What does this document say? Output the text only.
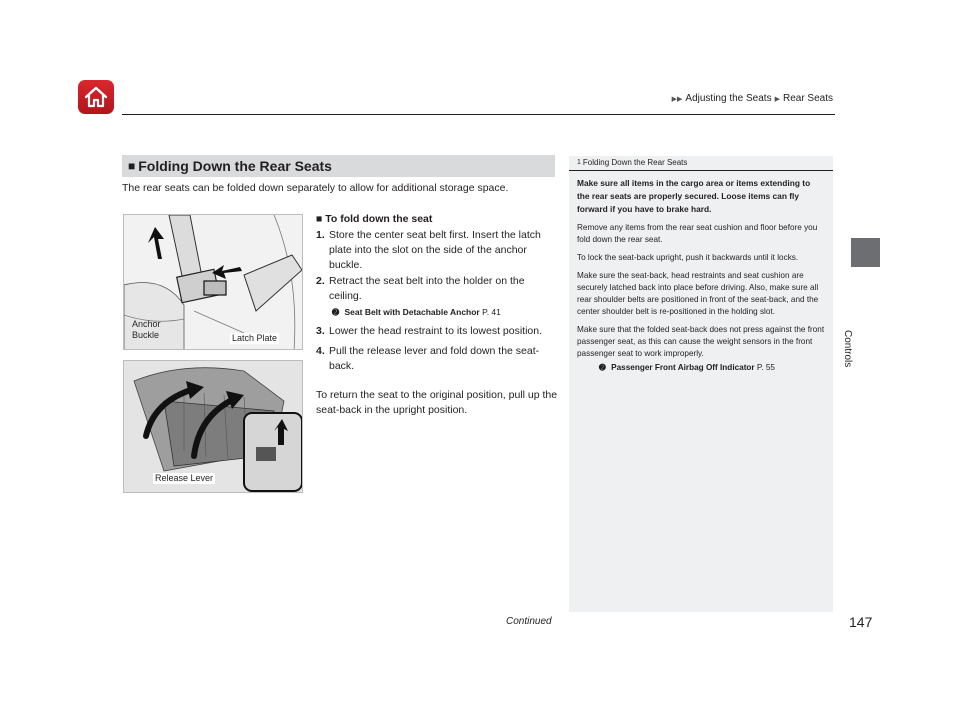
▶▶ Adjusting the Seats ▶ Rear Seats
Controls
■ Folding Down the Rear Seats
The rear seats can be folded down separately to allow for additional storage space.
Anchor
Buckle	Latch Plate
Release Lever
■ To fold down the seat
1. Store the center seat belt first. Insert the latch plate into the slot on the side of the anchor buckle.
2. Retract the seat belt into the holder on the ceiling.
➋ Seat Belt with Detachable Anchor P. 41
3. Lower the head restraint to its lowest position.
4. Pull the release lever and fold down the seat-back.
To return the seat to the original position, pull up the seat-back in the upright position.
1 Folding Down the Rear Seats
Make sure all items in the cargo area or items extending to the rear seats are properly secured. Loose items can fly forward if you have to brake hard.
Remove any items from the rear seat cushion and floor before you fold down the rear seat.
To lock the seat-back upright, push it backwards until it locks.
Make sure the seat-back, head restraints and seat cushion are securely latched back into place before driving. Also, make sure all rear shoulder belts are positioned in front of the seat-back, and the center shoulder belt is re-positioned in the holding slot.
Make sure that the folded seat-back does not press against the front passenger seat, as this can cause the weight sensors in the front passenger seat to work improperly.
➋ Passenger Front Airbag Off Indicator P. 55
Continued	147
